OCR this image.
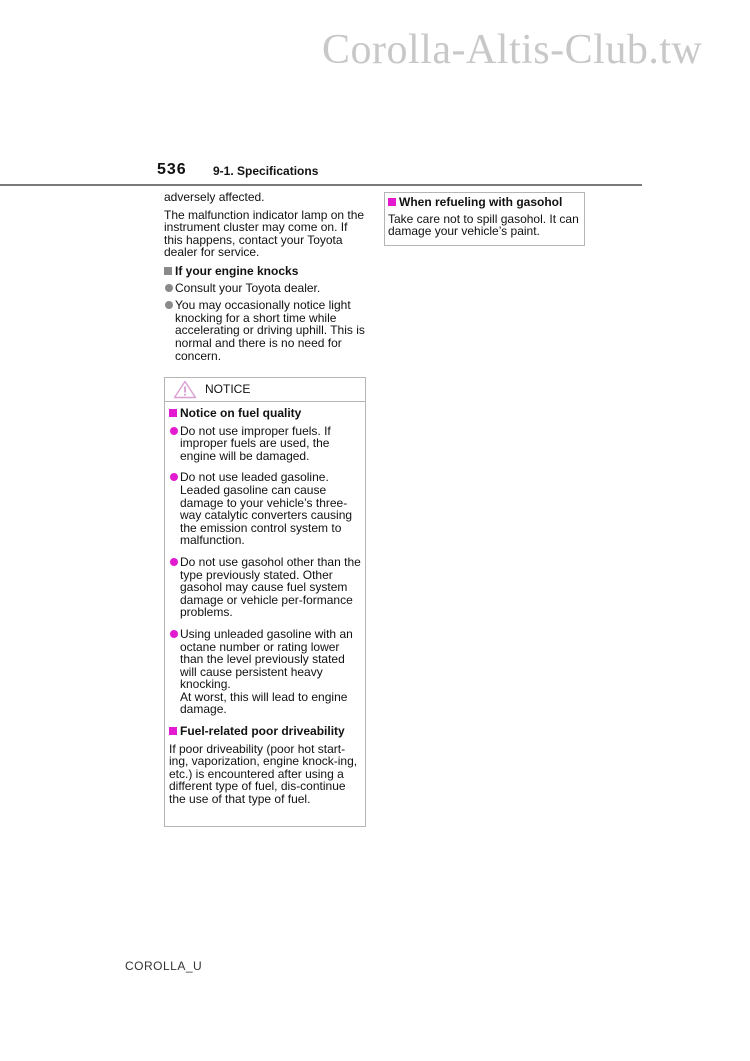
Corolla-Altis-Club.tw
536 9-1. Specifications

adversely affected.

The malfunction indicator lamp on the instrument cluster may come on. If this happens, contact your Toyota dealer for service.

If your engine knocks
Consult your Toyota dealer.
You may occasionally notice light knocking for a short time while accelerating or driving uphill. This is normal and there is no need for concern.
NOTICE
Notice on fuel quality
Do not use improper fuels. If improper fuels are used, the engine will be damaged.
Do not use leaded gasoline. Leaded gasoline can cause damage to your vehicle’s three-way catalytic converters causing the emission control system to malfunction.
Do not use gasohol other than the type previously stated. Other gasohol may cause fuel system damage or vehicle per-formance problems.
Using unleaded gasoline with an octane number or rating lower than the level previously stated will cause persistent heavy knocking.
At worst, this will lead to engine damage.
Fuel-related poor driveability

If poor driveability (poor hot start-ing, vaporization, engine knock-ing, etc.) is encountered after using a different type of fuel, dis-continue the use of that type of fuel.

When refueling with gasohol

Take care not to spill gasohol. It can damage your vehicle’s paint.

COROLLA_U
